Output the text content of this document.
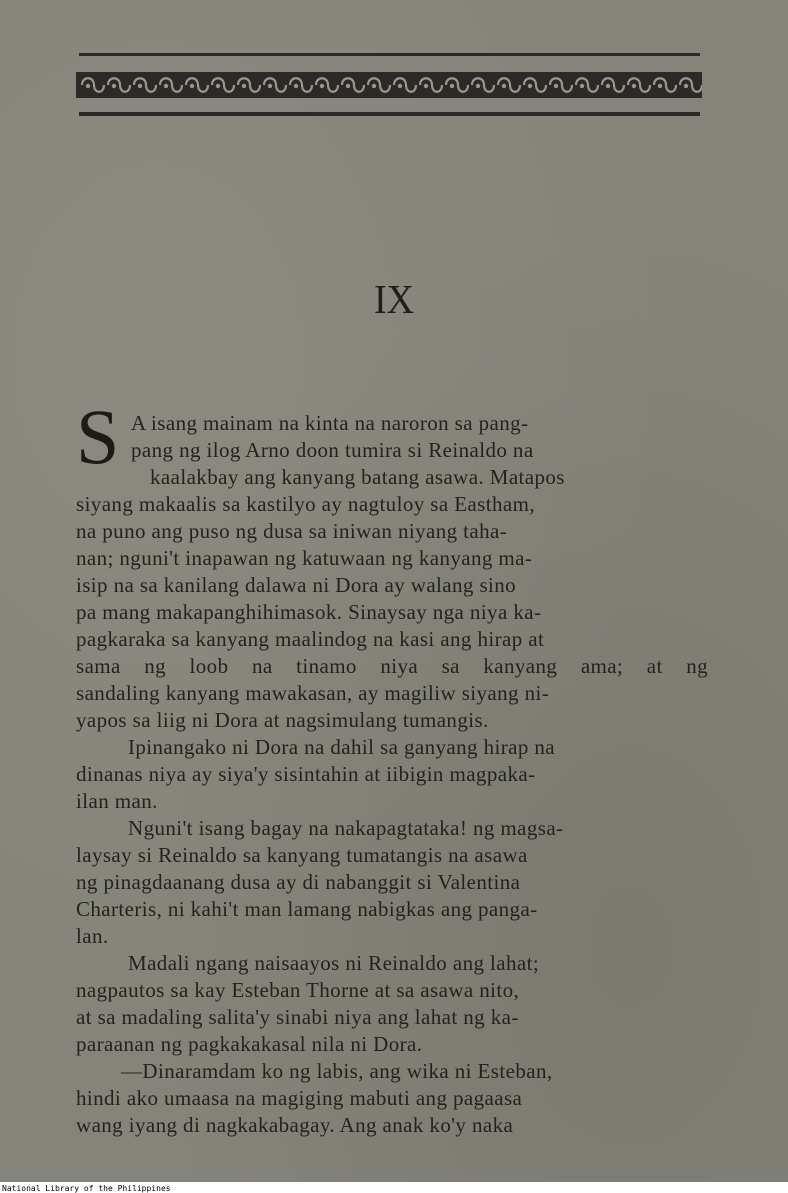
IX
S A isang mainam na kinta na naroron sa pang-
pang ng ilog Arno doon tumira si Reinaldo na
kaalakbay ang kanyang batang asawa. Matapos
siyang makaalis sa kastilyo ay nagtuloy sa Eastham,
na puno ang puso ng dusa sa iniwan niyang taha-
nan; nguni't inapawan ng katuwaan ng kanyang ma-
isip na sa kanilang dalawa ni Dora ay walang sino
pa mang makapanghihimasok. Sinaysay nga niya ka-
pagkaraka sa kanyang maalindog na kasi ang hirap at
sama ng loob na tinamo niya sa kanyang ama; at ng
sandaling kanyang mawakasan, ay magiliw siyang ni-
yapos sa liig ni Dora at nagsimulang tumangis.
Ipinangako ni Dora na dahil sa ganyang hirap na
dinanas niya ay siya'y sisintahin at iibigin magpaka-
ilan man.
Nguni't isang bagay na nakapagtataka! ng magsa-
laysay si Reinaldo sa kanyang tumatangis na asawa
ng pinagdaanang dusa ay di nabanggit si Valentina
Charteris, ni kahi't man lamang nabigkas ang panga-
lan.
Madali ngang naisaayos ni Reinaldo ang lahat;
nagpautos sa kay Esteban Thorne at sa asawa nito,
at sa madaling salita'y sinabi niya ang lahat ng ka-
paraanan ng pagkakakasal nila ni Dora.
—Dinaramdam ko ng labis, ang wika ni Esteban,
hindi ako umaasa na magiging mabuti ang pagaasa
wang iyang di nagkakabagay. Ang anak ko'y naka
National Library of the Philippines
